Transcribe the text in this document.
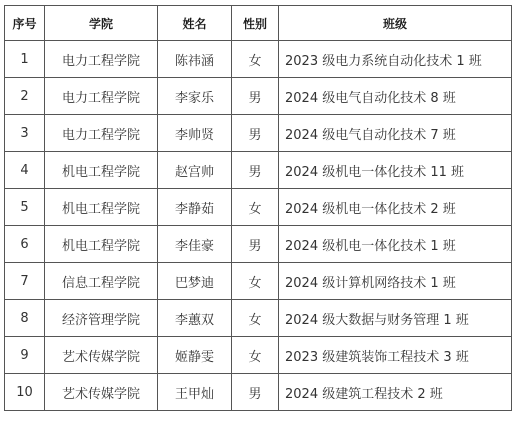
序号	学院	姓名	性别	班级
1	电力工程学院	陈祎涵	女	2023 级电力系统自动化技术 1 班
2	电力工程学院	李家乐	男	2024 级电气自动化技术 8 班
3	电力工程学院	李帅贤	男	2024 级电气自动化技术 7 班
4	机电工程学院	赵宫帅	男	2024 级机电一体化技术 11 班
5	机电工程学院	李静茹	女	2024 级机电一体化技术 2 班
6	机电工程学院	李佳豪	男	2024 级机电一体化技术 1 班
7	信息工程学院	巴梦迪	女	2024 级计算机网络技术 1 班
8	经济管理学院	李蕙双	女	2024 级大数据与财务管理 1 班
9	艺术传媒学院	姬静雯	女	2023 级建筑装饰工程技术 3 班
10	艺术传媒学院	王甲灿	男	2024 级建筑工程技术 2 班
